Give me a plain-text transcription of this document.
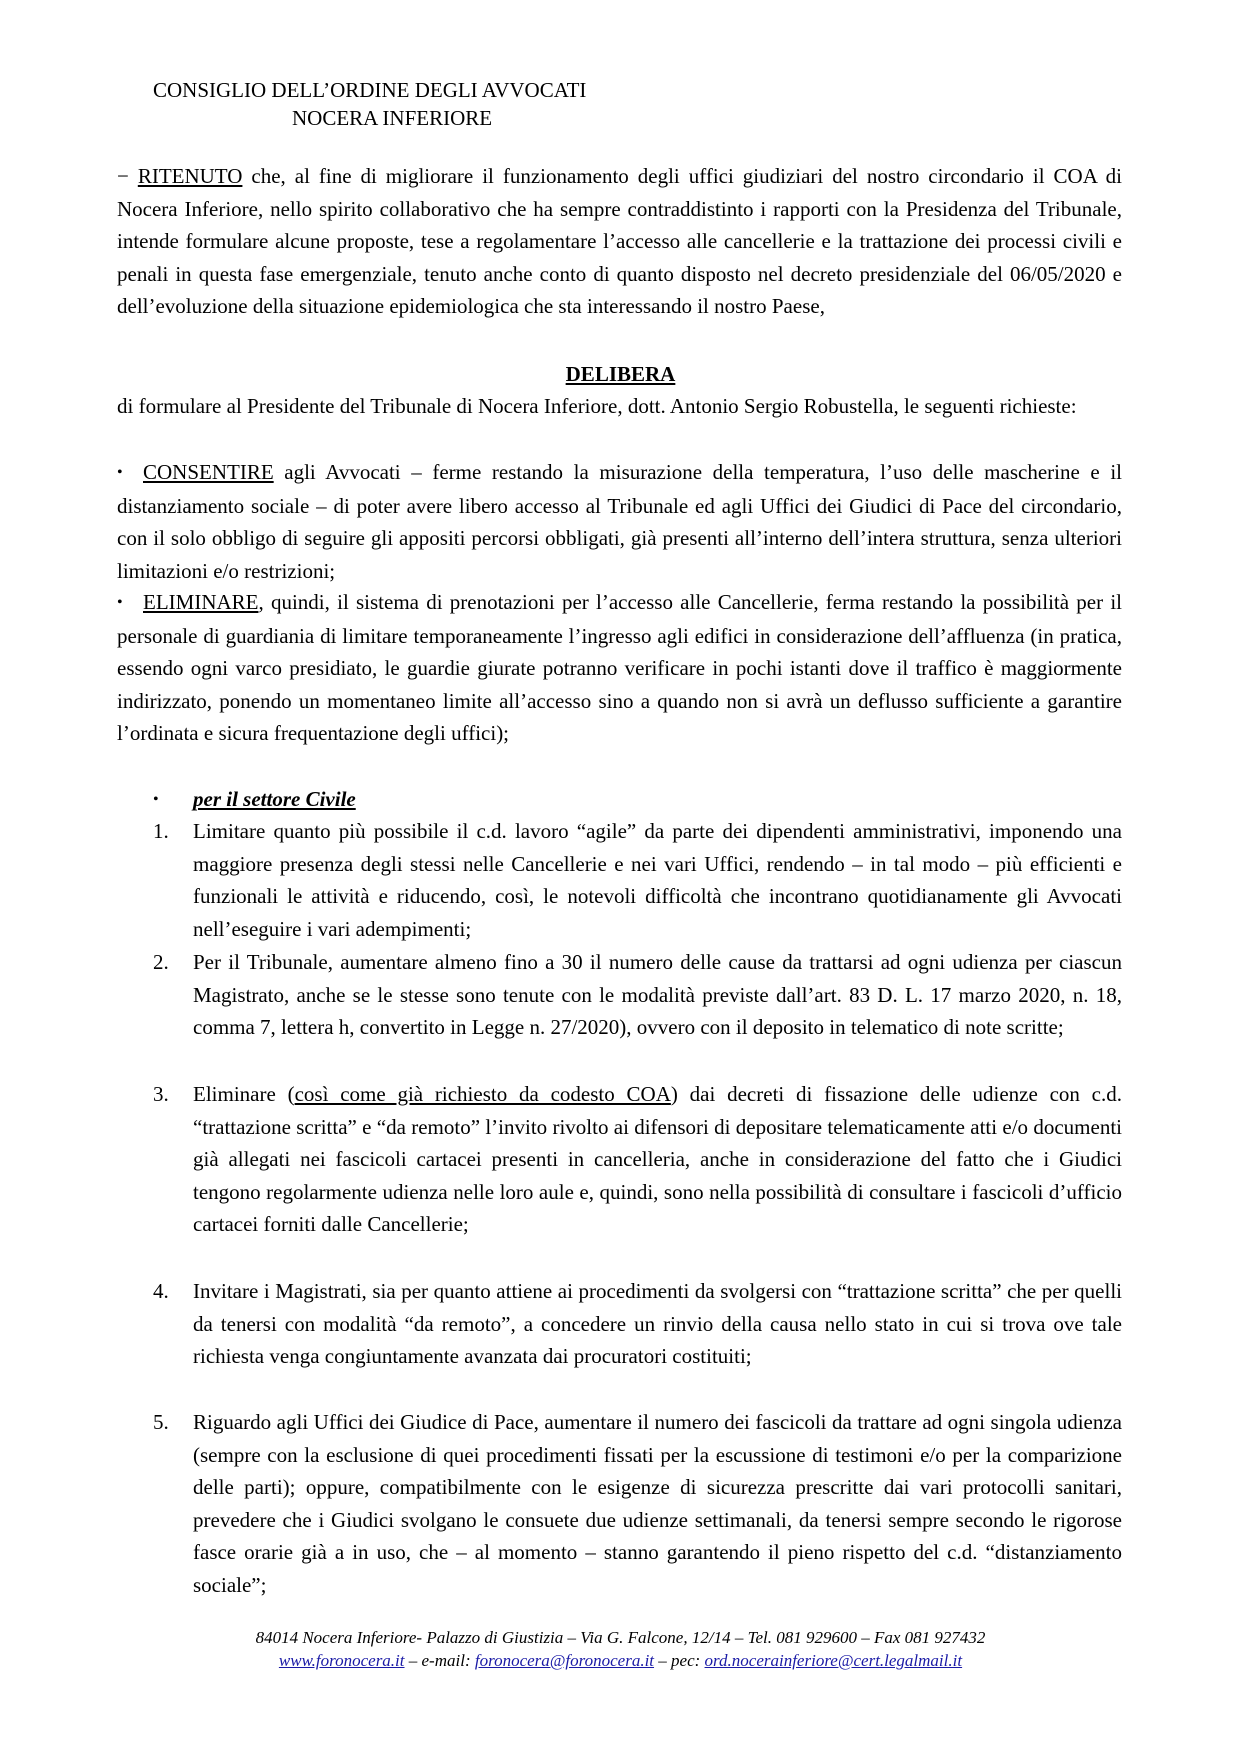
CONSIGLIO DELL’ORDINE DEGLI AVVOCATI
NOCERA INFERIORE
− RITENUTO che, al fine di migliorare il funzionamento degli uffici giudiziari del nostro circondario il COA di Nocera Inferiore, nello spirito collaborativo che ha sempre contraddistinto i rapporti con la Presidenza del Tribunale, intende formulare alcune proposte, tese a regolamentare l’accesso alle cancellerie e la trattazione dei processi civili e penali in questa fase emergenziale, tenuto anche conto di quanto disposto nel decreto presidenziale del 06/05/2020 e dell’evoluzione della situazione epidemiologica che sta interessando il nostro Paese,
DELIBERA
di formulare al Presidente del Tribunale di Nocera Inferiore, dott. Antonio Sergio Robustella, le seguenti richieste:
• CONSENTIRE agli Avvocati – ferme restando la misurazione della temperatura, l’uso delle mascherine e il distanziamento sociale – di poter avere libero accesso al Tribunale ed agli Uffici dei Giudici di Pace del circondario, con il solo obbligo di seguire gli appositi percorsi obbligati, già presenti all’interno dell’intera struttura, senza ulteriori limitazioni e/o restrizioni;
• ELIMINARE, quindi, il sistema di prenotazioni per l’accesso alle Cancellerie, ferma restando la possibilità per il personale di guardiania di limitare temporaneamente l’ingresso agli edifici in considerazione dell’affluenza (in pratica, essendo ogni varco presidiato, le guardie giurate potranno verificare in pochi istanti dove il traffico è maggiormente indirizzato, ponendo un momentaneo limite all’accesso sino a quando non si avrà un deflusso sufficiente a garantire l’ordinata e sicura frequentazione degli uffici);
• per il settore Civile
1.	Limitare quanto più possibile il c.d. lavoro “agile” da parte dei dipendenti amministrativi, imponendo una maggiore presenza degli stessi nelle Cancellerie e nei vari Uffici, rendendo – in tal modo – più efficienti e funzionali le attività e riducendo, così, le notevoli difficoltà che incontrano quotidianamente gli Avvocati nell’eseguire i vari adempimenti;
2.	Per il Tribunale, aumentare almeno fino a 30 il numero delle cause da trattarsi ad ogni udienza per ciascun Magistrato, anche se le stesse sono tenute con le modalità previste dall’art. 83 D. L. 17 marzo 2020, n. 18, comma 7, lettera h, convertito in Legge n. 27/2020), ovvero con il deposito in telematico di note scritte;
3.	Eliminare (così come già richiesto da codesto COA) dai decreti di fissazione delle udienze con c.d. “trattazione scritta” e “da remoto” l’invito rivolto ai difensori di depositare telematicamente atti e/o documenti già allegati nei fascicoli cartacei presenti in cancelleria, anche in considerazione del fatto che i Giudici tengono regolarmente udienza nelle loro aule e, quindi, sono nella possibilità di consultare i fascicoli d’ufficio cartacei forniti dalle Cancellerie;
4.	Invitare i Magistrati, sia per quanto attiene ai procedimenti da svolgersi con “trattazione scritta” che per quelli da tenersi con modalità “da remoto”, a concedere un rinvio della causa nello stato in cui si trova ove tale richiesta venga congiuntamente avanzata dai procuratori costituiti;
5.	Riguardo agli Uffici dei Giudice di Pace, aumentare il numero dei fascicoli da trattare ad ogni singola udienza (sempre con la esclusione di quei procedimenti fissati per la escussione di testimoni e/o per la comparizione delle parti); oppure, compatibilmente con le esigenze di sicurezza prescritte dai vari protocolli sanitari, prevedere che i Giudici svolgano le consuete due udienze settimanali, da tenersi sempre secondo le rigorose fasce orarie già a in uso, che – al momento – stanno garantendo il pieno rispetto del c.d. “distanziamento sociale”;
84014 Nocera Inferiore- Palazzo di Giustizia – Via G. Falcone, 12/14 – Tel. 081 929600 – Fax 081 927432
www.foronocera.it – e-mail: foronocera@foronocera.it – pec: ord.nocerainferiore@cert.legalmail.it
